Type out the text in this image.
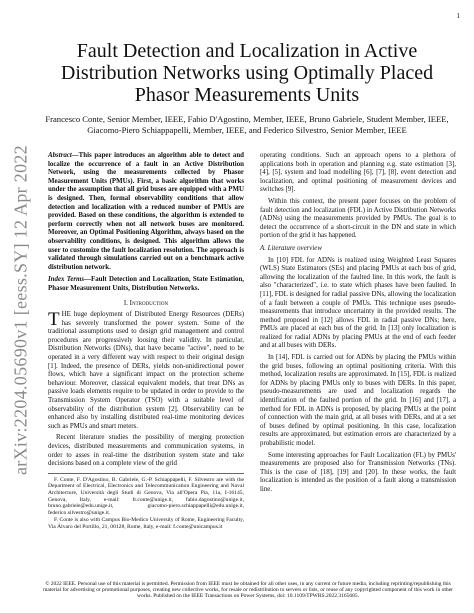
1
arXiv:2204.05690v1 [eess.SY] 12 Apr 2022
Fault Detection and Localization in Active Distribution Networks using Optimally Placed Phasor Measurements Units
Francesco Conte, Senior Member, IEEE, Fabio D'Agostino, Member, IEEE, Bruno Gabriele, Student Member, IEEE, Giacomo-Piero Schiappapelli, Member, IEEE, and Federico Silvestro, Senior Member, IEEE

Abstract—This paper introduces an algorithm able to detect and localize the occurrence of a fault in an Active Distribution Network, using the measurements collected by Phasor Measurement Units (PMUs). First, a basic algorithm that works under the assumption that all grid buses are equipped with a PMU is designed. Then, formal observability conditions that allow detection and localization with a reduced number of PMUs are provided. Based on these conditions, the algorithm is extended to perform correctly when not all network buses are monitored. Moreover, an Optimal Positioning Algorithm, always based on the observability conditions, is designed. This algorithm allows the user to customize the fault localization resolution. The approach is validated through simulations carried out on a benchmark active distribution network.

Index Terms—Fault Detection and Localization, State Estimation, Phasor Measurement Units, Distribution Networks.

I. Introduction

THE huge deployment of Distributed Energy Resources (DERs) has severely transformed the power system. Some of the traditional assumptions used to design grid management and control procedures are progressively loosing their validity. In particular, Distribution Networks (DNs), that have became "active", need to be operated in a very different way with respect to their original design [1]. Indeed, the presence of DERs, yields non-unidirectional power flows, which have a significant impact on the protection scheme behaviour. Moreover, classical equivalent models, that treat DNs as passive loads elements require to be updated in order to provide to the Transmission System Operator (TSO) with a suitable level of observability of the distribution system [2]. Observability can be enhanced also by installing distributed real-time monitoring devices such as PMUs and smart meters.

Recent literature studies the possibility of merging protection devices, distributed measurements and communication systems, in order to asses in real-time the distribution system state and take decisions based on a complete view of the grid

F. Conte, F. D'Agostino, B. Gabriele, G.-P. Schiappapelli, F. Silvestro are with the Department of Electrical, Electronics and Telecommunication Engineering and Naval Architecture, Università degli Studi di Genova, Via all'Opera Pia, 11a, I-16145, Genova, Italy, e-mail: fr.conte@unige.it, fabio.dagostino@unige.it, bruno.gabriele@edu.unige.it, giacomo-piero.schiappapelli@edu.unige.it, federico.silvestro@unige.it.

F. Conte is also with Campus Bio-Medico University of Rome, Engineering Faculty, Via Álvaro del Portillo, 21, 00128, Rome, Italy, e-mail: f.conte@unicampus.it

operating conditions. Such an approach opens to a plethora of applications both in operation and planning e.g. state estimation [3], [4], [5], system and load modelling [6], [7], [8], event detection and localization, and optimal positioning of measurement devices and switches [9].

Within this context, the present paper focuses on the problem of fault detection and localization (FDL) in Active Distribution Networks (ADNs) using the measurements provided by PMUs. The goal is to detect the occurrence of a short-circuit in the DN and state in which portion of the grid it has happened.

A. Literature overview

In [10] FDL for ADNs is realized using Weighted Least Squares (WLS) State Estimators (SEs) and placing PMUs at each bus of grid, allowing the localization of the faulted line. In this work, the fault is also "characterized", i.e. to state which phases have been faulted. In [11], FDL is designed for radial passive DNs, allowing the localization of a fault between a couple of PMUs. This technique uses pseudo-measurements that introduce uncertainty in the provided results. The method proposed in [12] allows FDL in radial passive DNs; here, PMUs are placed at each bus of the grid. In [13] only localization is realized for radial ADNs by placing PMUs at the end of each feeder and at all buses with DERs.

In [14], FDL is carried out for ADNs by placing the PMUs within the grid buses, following an optimal positioning criteria. With this method, localization results are approximated. In [15], FDL is realized for ADNs by placing PMUs only to buses with DERs. In this paper, pseudo-measurements are used and localization regards the identification of the faulted portion of the grid. In [16] and [17], a method for FDL in ADNs is proposed, by placing PMUs at the point of connection with the main grid, at all buses with DERs, and at a set of buses defined by optimal positioning. In this case, localization results are approximated, but estimation errors are characterized by a probabilistic model.

Some interesting approaches for Fault Localization (FL) by PMUs' measurements are proposed also for Transmission Networks (TNs). This is the case of [18], [19] and [20]. In these works, the fault localization is intended as the position of a fault along a transmission line.

© 2022 IEEE. Personal use of this material is permitted. Permission from IEEE must be obtained for all other uses, in any current or future media, including reprinting/republishing this material for advertising or promotional purposes, creating new collective works, for resale or redistribution to servers or lists, or reuse of any copyrighted component of this work in other works. Published on the IEEE Transactions on Power Systems, doi: 10.1109/TPWRS.2022.3165685.
